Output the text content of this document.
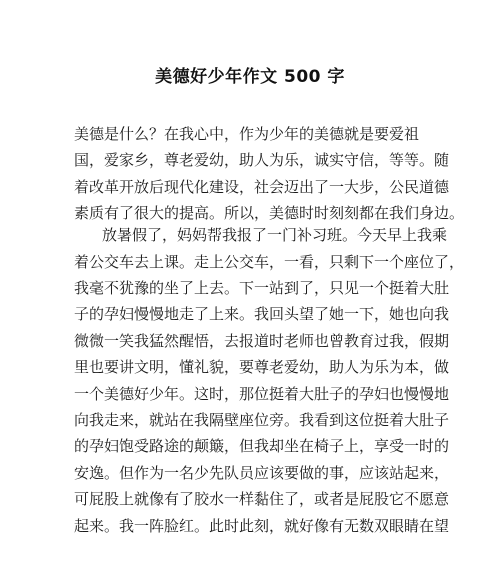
美德好少年作文 500 字
美德是什么？在我心中，作为少年的美德就是要爱祖
国，爱家乡，尊老爱幼，助人为乐，诚实守信，等等。随
着改革开放后现代化建设，社会迈出了一大步，公民道德
素质有了很大的提高。所以，美德时时刻刻都在我们身边。
放暑假了，妈妈帮我报了一门补习班。今天早上我乘
着公交车去上课。走上公交车，一看，只剩下一个座位了，
我毫不犹豫的坐了上去。下一站到了，只见一个挺着大肚
子的孕妇慢慢地走了上来。我回头望了她一下，她也向我
微微一笑我猛然醒悟，去报道时老师也曾教育过我，假期
里也要讲文明，懂礼貌，要尊老爱幼，助人为乐为本，做
一个美德好少年。这时，那位挺着大肚子的孕妇也慢慢地
向我走来，就站在我隔壁座位旁。我看到这位挺着大肚子
的孕妇饱受路途的颠簸，但我却坐在椅子上，享受一时的
安逸。但作为一名少先队员应该要做的事，应该站起来，
可屁股上就像有了胶水一样黏住了，或者是屁股它不愿意
起来。我一阵脸红。此时此刻，就好像有无数双眼睛在望
